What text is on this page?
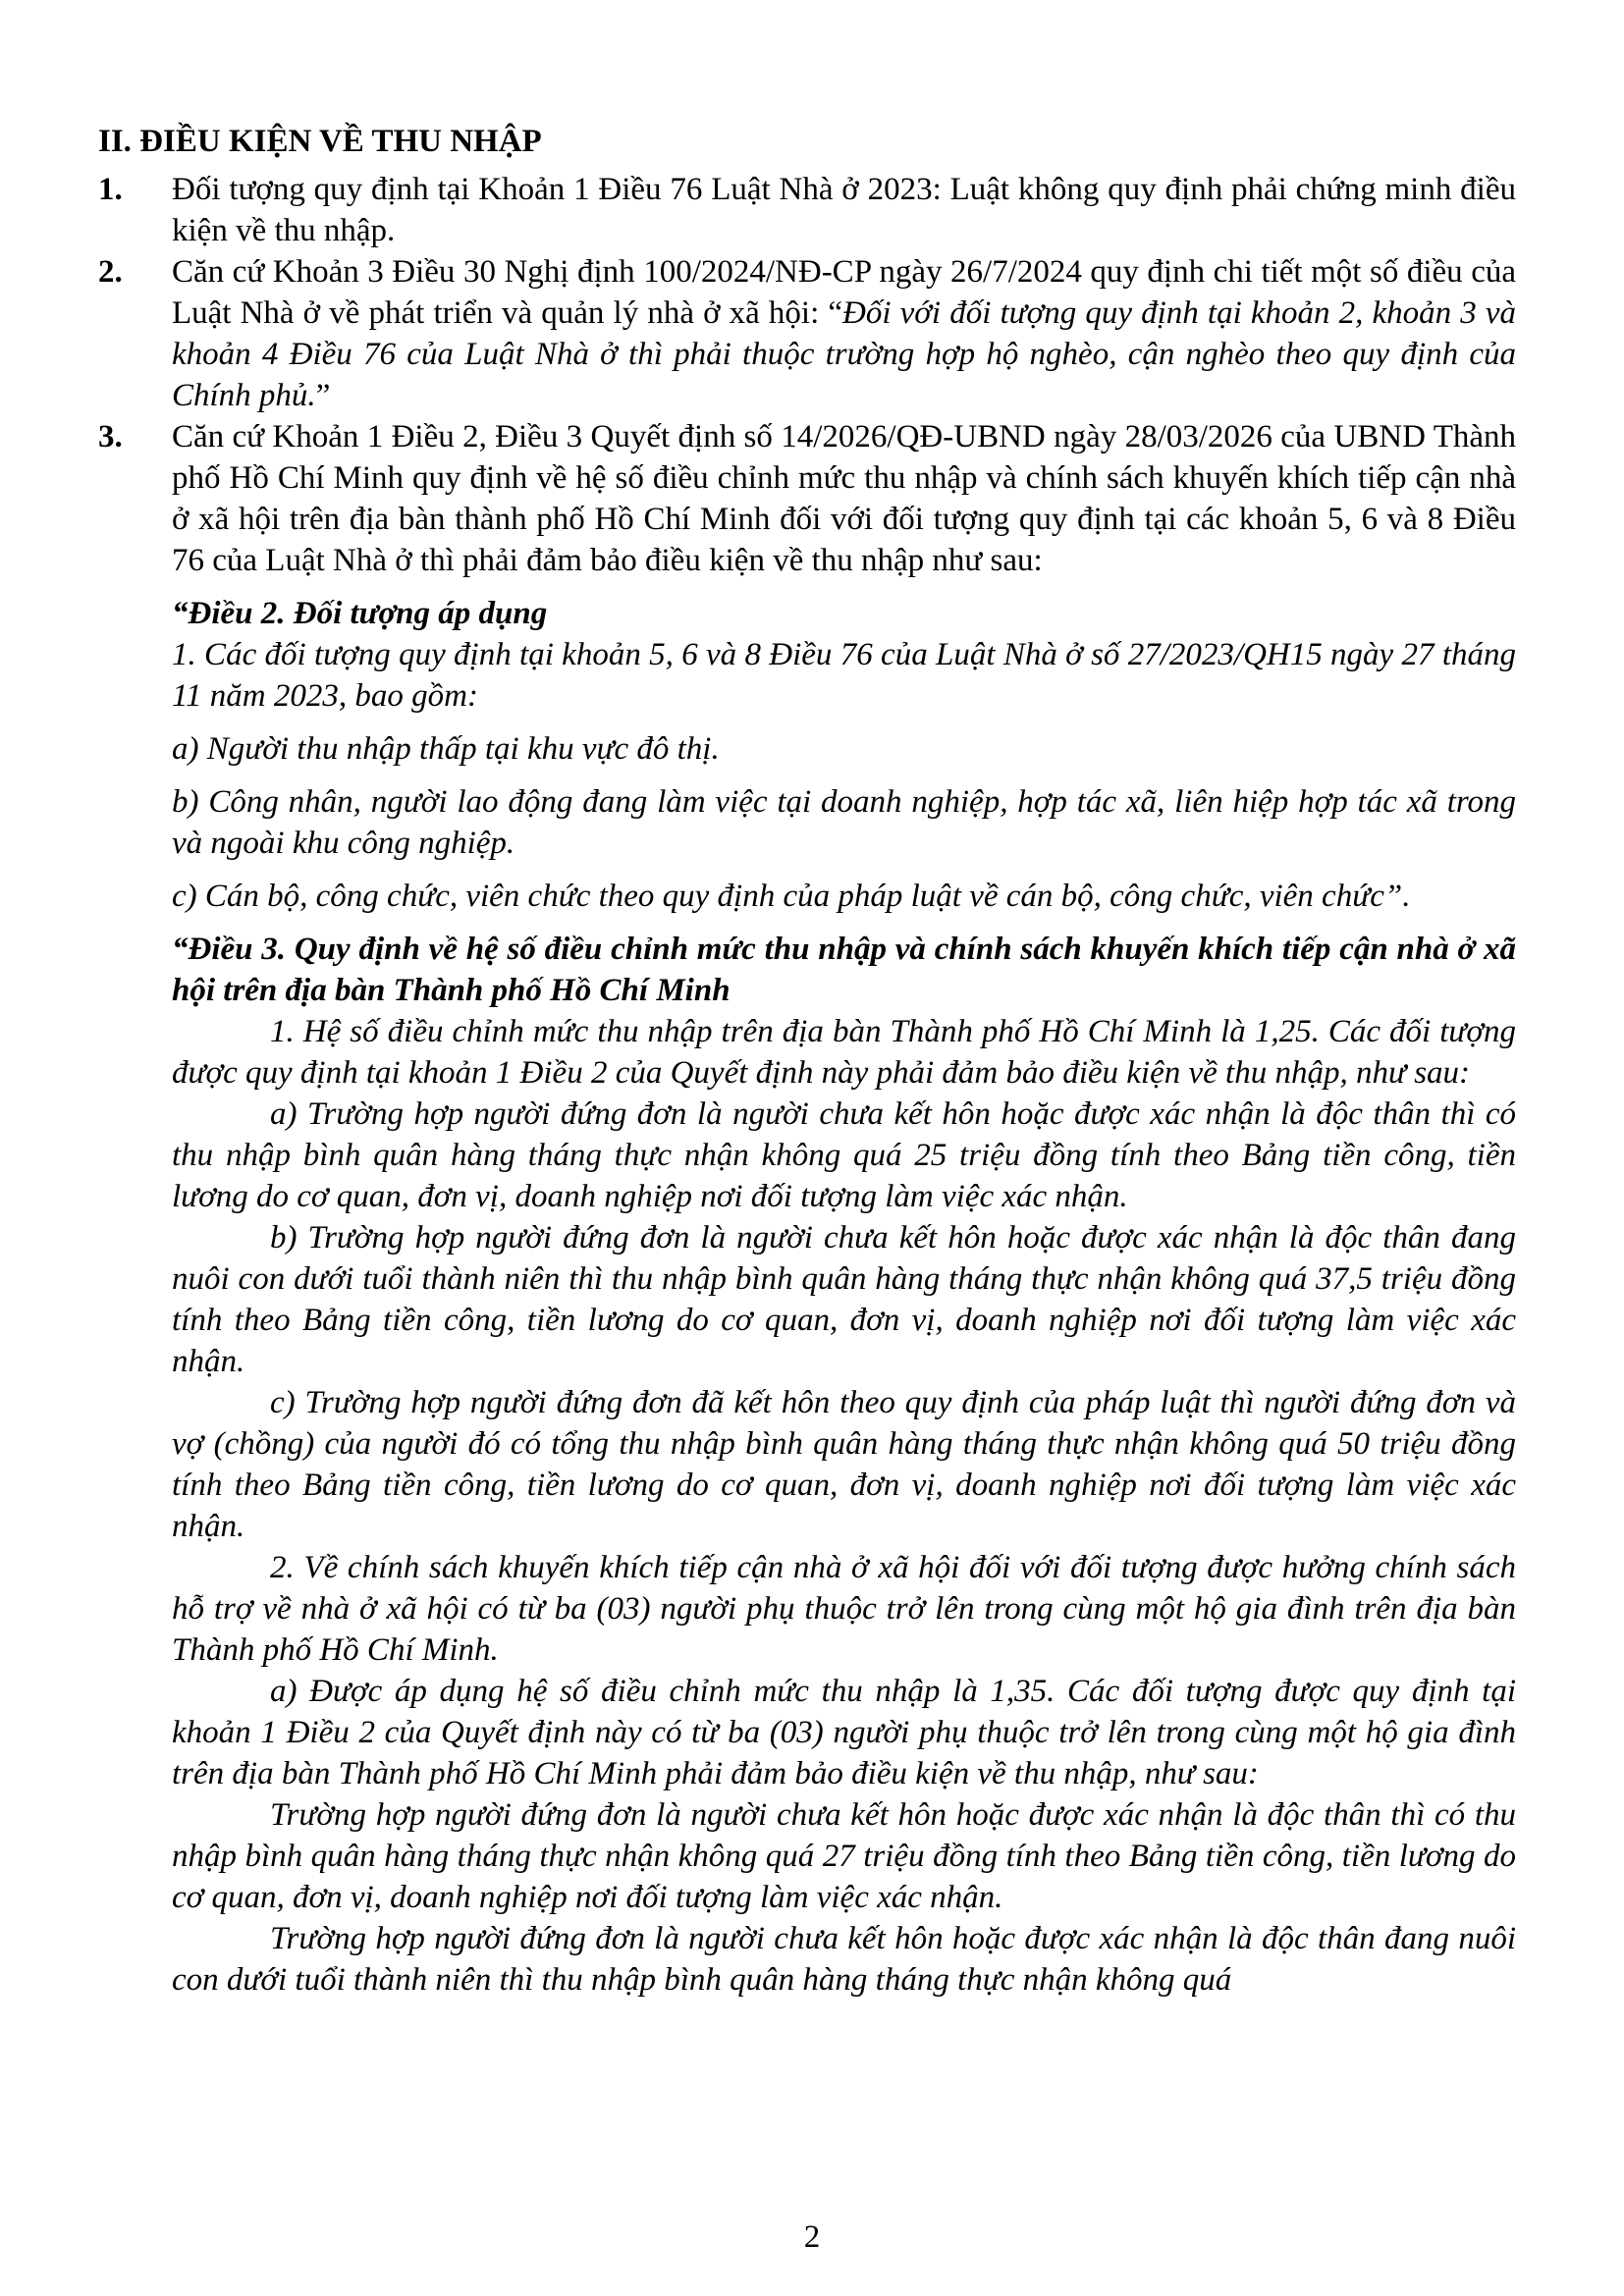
II. ĐIỀU KIỆN VỀ THU NHẬP
1.	Đối tượng quy định tại Khoản 1 Điều 76 Luật Nhà ở 2023: Luật không quy định phải chứng minh điều kiện về thu nhập.
2.	Căn cứ Khoản 3 Điều 30 Nghị định 100/2024/NĐ-CP ngày 26/7/2024 quy định chi tiết một số điều của Luật Nhà ở về phát triển và quản lý nhà ở xã hội: “Đối với đối tượng quy định tại khoản 2, khoản 3 và khoản 4 Điều 76 của Luật Nhà ở thì phải thuộc trường hợp hộ nghèo, cận nghèo theo quy định của Chính phủ.”
3.	Căn cứ Khoản 1 Điều 2, Điều 3 Quyết định số 14/2026/QĐ-UBND ngày 28/03/2026 của UBND Thành phố Hồ Chí Minh quy định về hệ số điều chỉnh mức thu nhập và chính sách khuyến khích tiếp cận nhà ở xã hội trên địa bàn thành phố Hồ Chí Minh đối với đối tượng quy định tại các khoản 5, 6 và 8 Điều 76 của Luật Nhà ở thì phải đảm bảo điều kiện về thu nhập như sau:

“Điều 2. Đối tượng áp dụng

1. Các đối tượng quy định tại khoản 5, 6 và 8 Điều 76 của Luật Nhà ở số 27/2023/QH15 ngày 27 tháng 11 năm 2023, bao gồm:

a) Người thu nhập thấp tại khu vực đô thị.

b) Công nhân, người lao động đang làm việc tại doanh nghiệp, hợp tác xã, liên hiệp hợp tác xã trong và ngoài khu công nghiệp.

c) Cán bộ, công chức, viên chức theo quy định của pháp luật về cán bộ, công chức, viên chức”.

“Điều 3. Quy định về hệ số điều chỉnh mức thu nhập và chính sách khuyến khích tiếp cận nhà ở xã hội trên địa bàn Thành phố Hồ Chí Minh

1. Hệ số điều chỉnh mức thu nhập trên địa bàn Thành phố Hồ Chí Minh là 1,25. Các đối tượng được quy định tại khoản 1 Điều 2 của Quyết định này phải đảm bảo điều kiện về thu nhập, như sau:

a) Trường hợp người đứng đơn là người chưa kết hôn hoặc được xác nhận là độc thân thì có thu nhập bình quân hàng tháng thực nhận không quá 25 triệu đồng tính theo Bảng tiền công, tiền lương do cơ quan, đơn vị, doanh nghiệp nơi đối tượng làm việc xác nhận.

b) Trường hợp người đứng đơn là người chưa kết hôn hoặc được xác nhận là độc thân đang nuôi con dưới tuổi thành niên thì thu nhập bình quân hàng tháng thực nhận không quá 37,5 triệu đồng tính theo Bảng tiền công, tiền lương do cơ quan, đơn vị, doanh nghiệp nơi đối tượng làm việc xác nhận.

c) Trường hợp người đứng đơn đã kết hôn theo quy định của pháp luật thì người đứng đơn và vợ (chồng) của người đó có tổng thu nhập bình quân hàng tháng thực nhận không quá 50 triệu đồng tính theo Bảng tiền công, tiền lương do cơ quan, đơn vị, doanh nghiệp nơi đối tượng làm việc xác nhận.

2. Về chính sách khuyến khích tiếp cận nhà ở xã hội đối với đối tượng được hưởng chính sách hỗ trợ về nhà ở xã hội có từ ba (03) người phụ thuộc trở lên trong cùng một hộ gia đình trên địa bàn Thành phố Hồ Chí Minh.

a) Được áp dụng hệ số điều chỉnh mức thu nhập là 1,35. Các đối tượng được quy định tại khoản 1 Điều 2 của Quyết định này có từ ba (03) người phụ thuộc trở lên trong cùng một hộ gia đình trên địa bàn Thành phố Hồ Chí Minh phải đảm bảo điều kiện về thu nhập, như sau:

Trường hợp người đứng đơn là người chưa kết hôn hoặc được xác nhận là độc thân thì có thu nhập bình quân hàng tháng thực nhận không quá 27 triệu đồng tính theo Bảng tiền công, tiền lương do cơ quan, đơn vị, doanh nghiệp nơi đối tượng làm việc xác nhận.

Trường hợp người đứng đơn là người chưa kết hôn hoặc được xác nhận là độc thân đang nuôi con dưới tuổi thành niên thì thu nhập bình quân hàng tháng thực nhận không quá

2
